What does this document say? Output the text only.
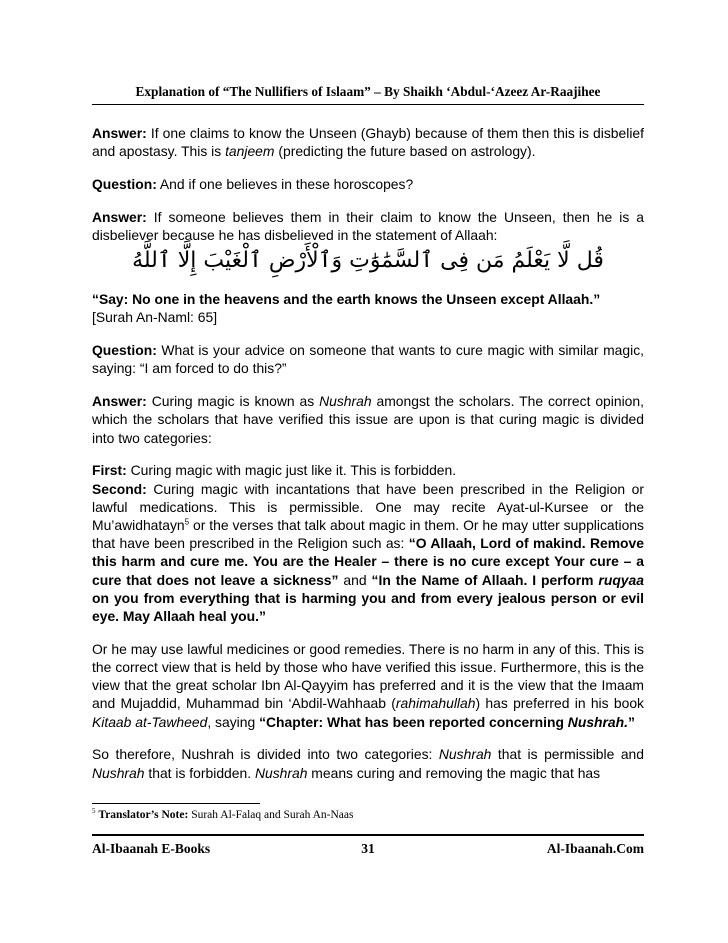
Explanation of “The Nullifiers of Islaam” – By Shaikh ‘Abdul-‘Azeez Ar-Raajihee

Answer: If one claims to know the Unseen (Ghayb) because of them then this is disbelief and apostasy. This is tanjeem (predicting the future based on astrology).

Question: And if one believes in these horoscopes?

Answer: If someone believes them in their claim to know the Unseen, then he is a disbeliever because he has disbelieved in the statement of Allaah:

قُل لَّا يَعْلَمُ مَن فِى ٱلسَّمَٰوَٰتِ وَٱلْأَرْضِ ٱلْغَيْبَ إِلَّا ٱللَّهُ

“Say: No one in the heavens and the earth knows the Unseen except Allaah.”
[Surah An-Naml: 65]

Question: What is your advice on someone that wants to cure magic with similar magic, saying: “I am forced to do this?”

Answer: Curing magic is known as Nushrah amongst the scholars. The correct opinion, which the scholars that have verified this issue are upon is that curing magic is divided into two categories:

First: Curing magic with magic just like it. This is forbidden.

Second: Curing magic with incantations that have been prescribed in the Religion or lawful medications. This is permissible. One may recite Ayat-ul-Kursee or the Mu’awidhatayn$^5$ or the verses that talk about magic in them. Or he may utter supplications that have been prescribed in the Religion such as: “O Allaah, Lord of makind. Remove this harm and cure me. You are the Healer – there is no cure except Your cure – a cure that does not leave a sickness” and “In the Name of Allaah. I perform ruqyaa on you from everything that is harming you and from every jealous person or evil eye. May Allaah heal you.”

Or he may use lawful medicines or good remedies. There is no harm in any of this. This is the correct view that is held by those who have verified this issue. Furthermore, this is the view that the great scholar Ibn Al-Qayyim has preferred and it is the view that the Imaam and Mujaddid, Muhammad bin ‘Abdil-Wahhaab (rahimahullah) has preferred in his book Kitaab at-Tawheed, saying “Chapter: What has been reported concerning Nushrah.”

So therefore, Nushrah is divided into two categories: Nushrah that is permissible and Nushrah that is forbidden. Nushrah means curing and removing the magic that has

$^5$ Translator’s Note: Surah Al-Falaq and Surah An-Naas
Al-Ibaanah E-Books	31	Al-Ibaanah.Com
